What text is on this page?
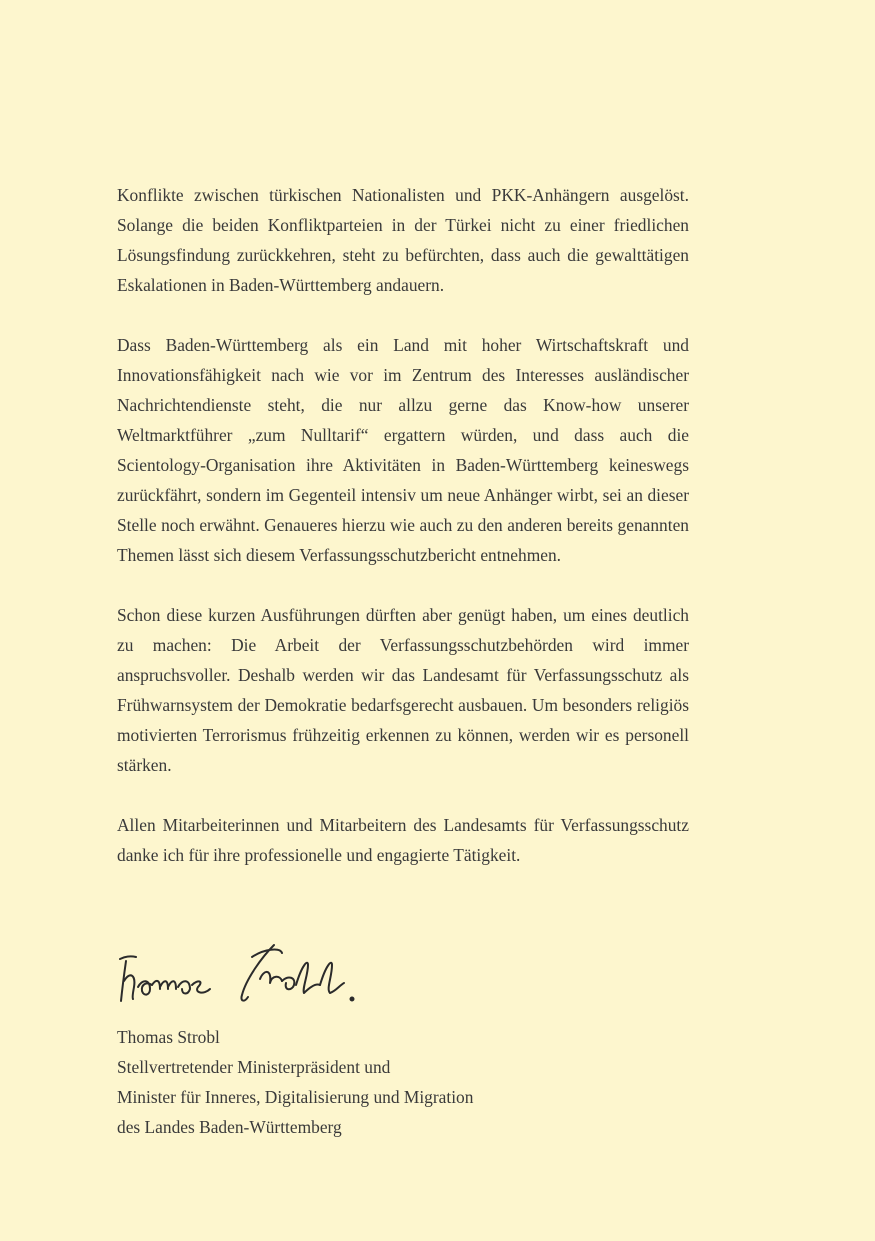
Konflikte zwischen türkischen Nationalisten und PKK-Anhängern ausgelöst. Solange die beiden Konfliktparteien in der Türkei nicht zu einer friedlichen Lösungsfindung zurückkehren, steht zu befürchten, dass auch die gewalttätigen Eskalationen in Baden-Württemberg andauern.

Dass Baden-Württemberg als ein Land mit hoher Wirtschaftskraft und Innovationsfähigkeit nach wie vor im Zentrum des Interesses ausländischer Nachrichtendienste steht, die nur allzu gerne das Know-how unserer Weltmarktführer „zum Nulltarif“ ergattern würden, und dass auch die Scientology-Organisation ihre Aktivitäten in Baden-Württemberg keineswegs zurückfährt, sondern im Gegenteil intensiv um neue Anhänger wirbt, sei an dieser Stelle noch erwähnt. Genaueres hierzu wie auch zu den anderen bereits genannten Themen lässt sich diesem Verfassungsschutzbericht entnehmen.

Schon diese kurzen Ausführungen dürften aber genügt haben, um eines deutlich zu machen: Die Arbeit der Verfassungsschutzbehörden wird immer anspruchsvoller. Deshalb werden wir das Landesamt für Verfassungsschutz als Frühwarnsystem der Demokratie bedarfsgerecht ausbauen. Um besonders religiös motivierten Terrorismus frühzeitig erkennen zu können, werden wir es personell stärken.

Allen Mitarbeiterinnen und Mitarbeitern des Landesamts für Verfassungsschutz danke ich für ihre professionelle und engagierte Tätigkeit.

Thomas Strobl
Stellvertretender Ministerpräsident und
Minister für Inneres, Digitalisierung und Migration
des Landes Baden-Württemberg
